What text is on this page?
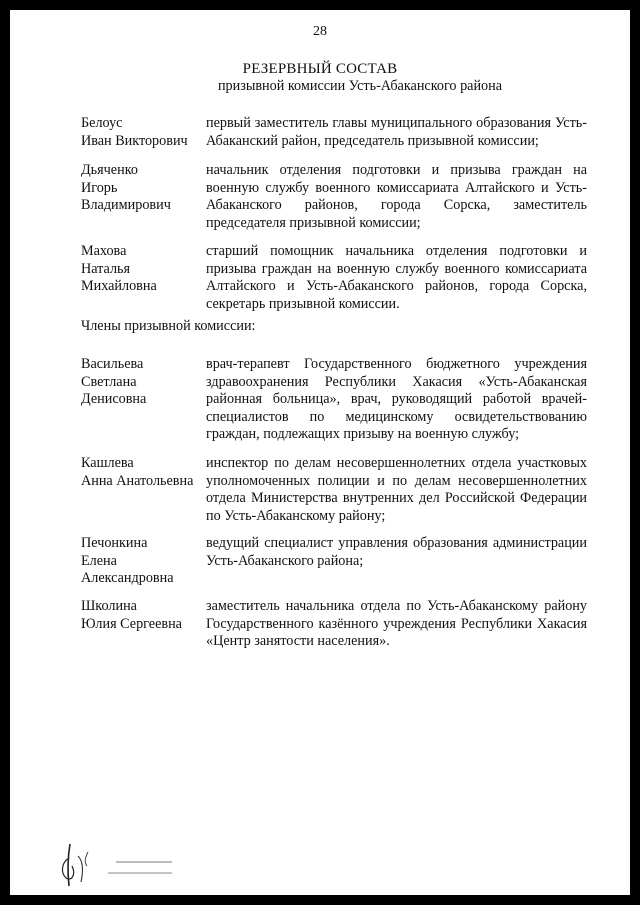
28
РЕЗЕРВНЫЙ СОСТАВ
призывной комиссии Усть-Абаканского района
Белоус
Иван Викторович
первый заместитель главы муниципального образования Усть-Абаканский район, председатель призывной комиссии;
Дьяченко
Игорь
Владимирович
начальник отделения подготовки и призыва граждан на военную службу военного комиссариата Алтайского и Усть-Абаканского районов, города Сорска, заместитель председателя призывной комиссии;
Махова
Наталья
Михайловна
старший помощник начальника отделения подготовки и призыва граждан на военную службу военного комиссариата Алтайского и Усть-Абаканского районов, города Сорска, секретарь призывной комиссии.
Члены призывной комиссии:
Васильева
Светлана
Денисовна
врач-терапевт Государственного бюджетного учреждения здравоохранения Республики Хакасия «Усть-Абаканская районная больница», врач, руководящий работой врачей-специалистов по медицинскому освидетельствованию граждан, подлежащих призыву на военную службу;
Кашлева
Анна Анатольевна
инспектор по делам несовершеннолетних отдела участковых уполномоченных полиции и по делам несовершеннолетних отдела Министерства внутренних дел Российской Федерации по Усть-Абаканскому району;
Печонкина
Елена
Александровна
ведущий специалист управления образования администрации Усть-Абаканского района;
Школина
Юлия Сергеевна
заместитель начальника отдела по Усть-Абаканскому району Государственного казённого учреждения Республики Хакасия «Центр занятости населения».
